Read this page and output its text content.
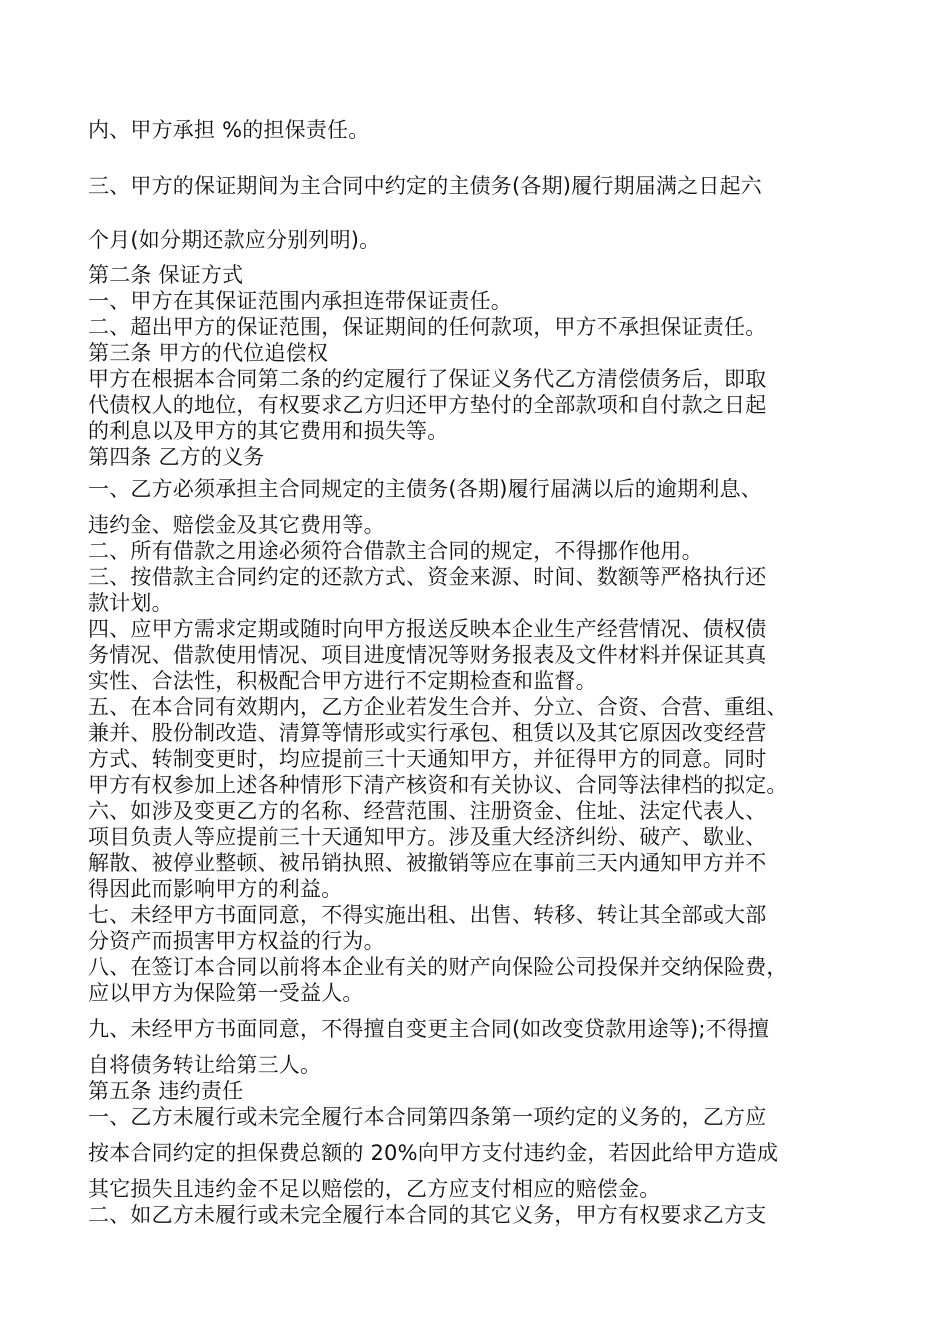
内、甲方承担 %的担保责任。

三、甲方的保证期间为主合同中约定的主债务(各期)履行期届满之日起六

个月(如分期还款应分别列明)。

第二条 保证方式

一、甲方在其保证范围内承担连带保证责任。

二、超出甲方的保证范围，保证期间的任何款项，甲方不承担保证责任。

第三条 甲方的代位追偿权

甲方在根据本合同第二条的约定履行了保证义务代乙方清偿债务后，即取

代债权人的地位，有权要求乙方归还甲方垫付的全部款项和自付款之日起

的利息以及甲方的其它费用和损失等。

第四条 乙方的义务

一、乙方必须承担主合同规定的主债务(各期)履行届满以后的逾期利息、

违约金、赔偿金及其它费用等。

二、所有借款之用途必须符合借款主合同的规定，不得挪作他用。

三、按借款主合同约定的还款方式、资金来源、时间、数额等严格执行还

款计划。

四、应甲方需求定期或随时向甲方报送反映本企业生产经营情况、债权债

务情况、借款使用情况、项目进度情况等财务报表及文件材料并保证其真

实性、合法性，积极配合甲方进行不定期检查和监督。

五、在本合同有效期内，乙方企业若发生合并、分立、合资、合营、重组、

兼并、股份制改造、清算等情形或实行承包、租赁以及其它原因改变经营

方式、转制变更时，均应提前三十天通知甲方，并征得甲方的同意。同时

甲方有权参加上述各种情形下清产核资和有关协议、合同等法律档的拟定。

六、如涉及变更乙方的名称、经营范围、注册资金、住址、法定代表人、

项目负责人等应提前三十天通知甲方。涉及重大经济纠纷、破产、歇业、

解散、被停业整顿、被吊销执照、被撤销等应在事前三天内通知甲方并不

得因此而影响甲方的利益。

七、未经甲方书面同意，不得实施出租、出售、转移、转让其全部或大部

分资产而损害甲方权益的行为。

八、在签订本合同以前将本企业有关的财产向保险公司投保并交纳保险费，

应以甲方为保险第一受益人。

九、未经甲方书面同意，不得擅自变更主合同(如改变贷款用途等);不得擅

自将债务转让给第三人。

第五条 违约责任

一、乙方未履行或未完全履行本合同第四条第一项约定的义务的，乙方应

按本合同约定的担保费总额的 20%向甲方支付违约金，若因此给甲方造成

其它损失且违约金不足以赔偿的，乙方应支付相应的赔偿金。

二、如乙方未履行或未完全履行本合同的其它义务，甲方有权要求乙方支
